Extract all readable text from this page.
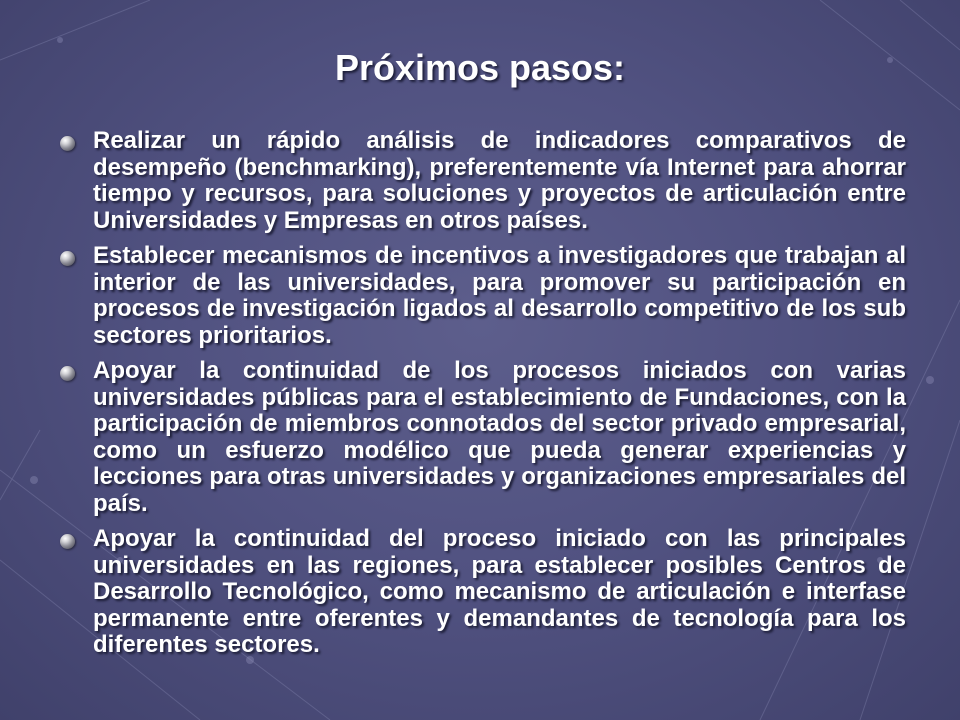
Próximos pasos:
Realizar un rápido análisis de indicadores comparativos de desempeño (benchmarking), preferentemente vía Internet para ahorrar tiempo y recursos, para soluciones y proyectos de articulación entre Universidades y Empresas en otros países.
Establecer mecanismos de incentivos a investigadores que trabajan al interior de las universidades, para promover su participación en procesos de investigación ligados al desarrollo competitivo de los sub sectores prioritarios.
Apoyar la continuidad de los procesos iniciados con varias universidades públicas para el establecimiento de Fundaciones, con la participación de miembros connotados del sector privado empresarial, como un esfuerzo modélico que pueda generar experiencias y lecciones para otras universidades y organizaciones empresariales del país.
Apoyar la continuidad del proceso iniciado con las principales universidades en las regiones, para establecer posibles Centros de Desarrollo Tecnológico, como mecanismo de articulación e interfase permanente entre oferentes y demandantes de tecnología para los diferentes sectores.
